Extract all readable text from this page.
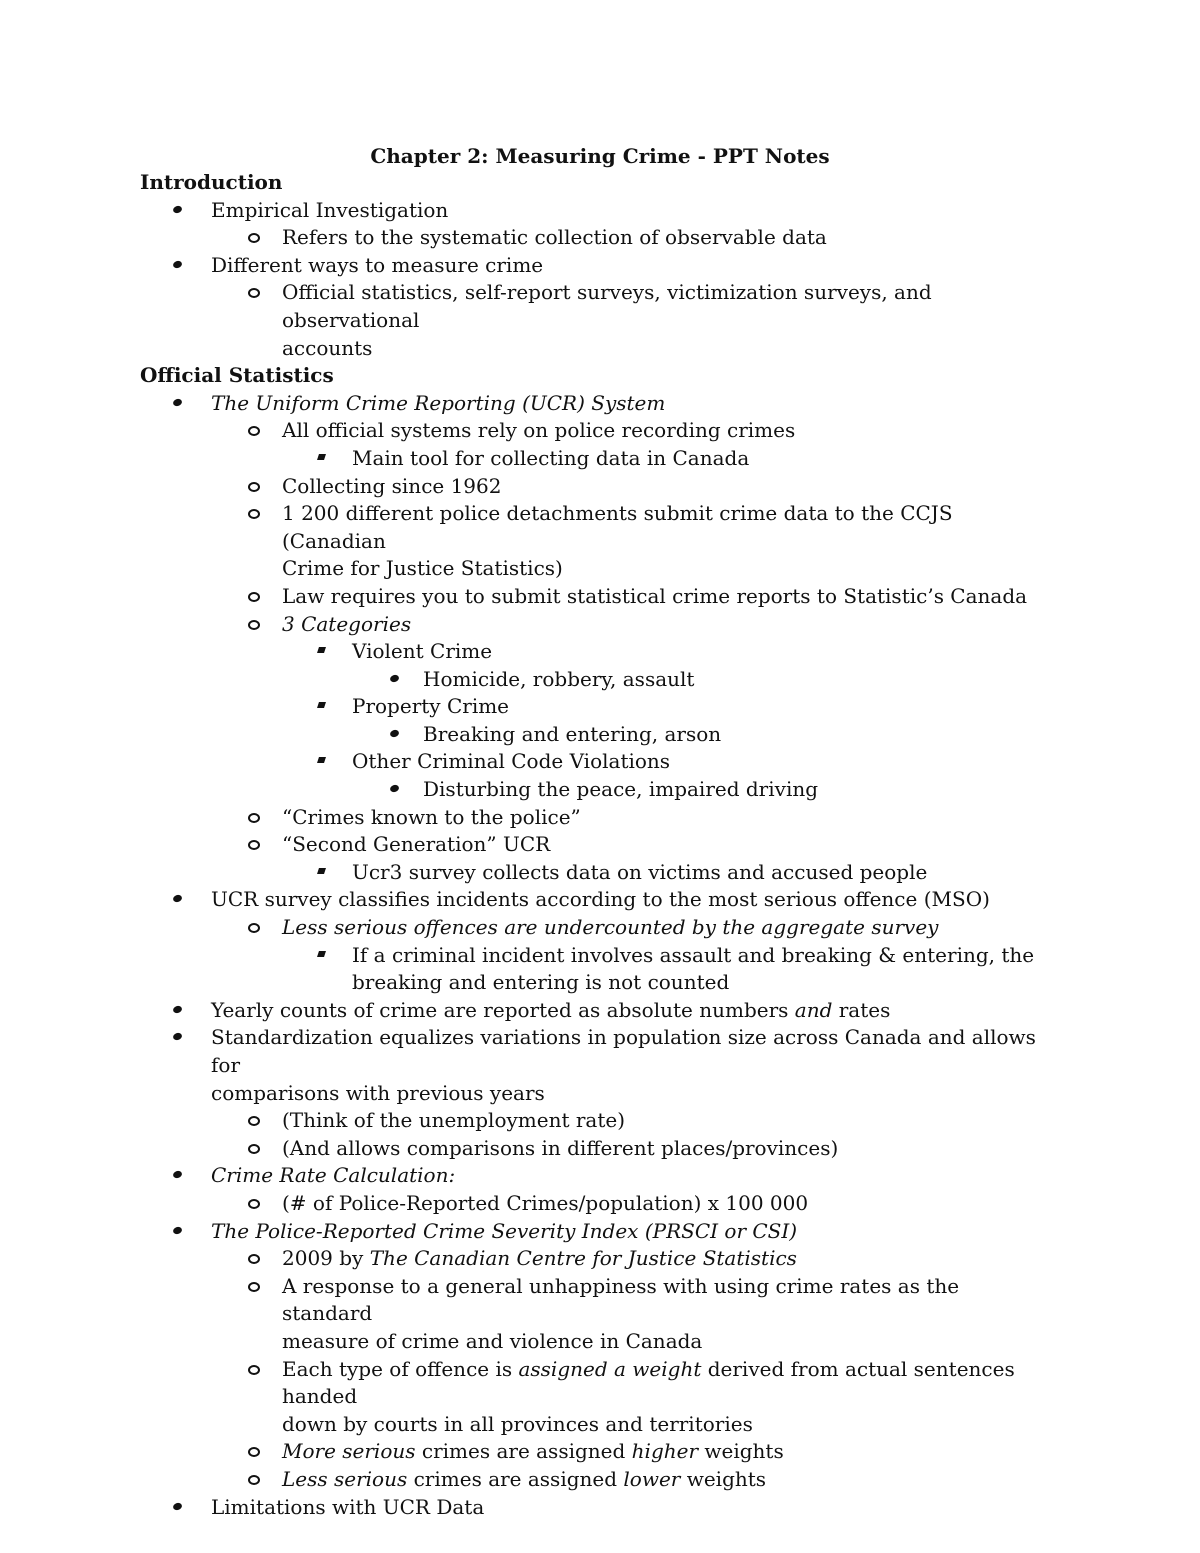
Chapter 2: Measuring Crime - PPT Notes
Introduction
Empirical Investigation
Refers to the systematic collection of observable data
Different ways to measure crime
Official statistics, self-report surveys, victimization surveys, and observational
accounts
Official Statistics
The Uniform Crime Reporting (UCR) System
All official systems rely on police recording crimes
Main tool for collecting data in Canada
Collecting since 1962
1 200 different police detachments submit crime data to the CCJS (Canadian
Crime for Justice Statistics)
Law requires you to submit statistical crime reports to Statistic’s Canada
3 Categories
Violent Crime
Homicide, robbery, assault
Property Crime
Breaking and entering, arson
Other Criminal Code Violations
Disturbing the peace, impaired driving
“Crimes known to the police”
“Second Generation” UCR
Ucr3 survey collects data on victims and accused people
UCR survey classifies incidents according to the most serious offence (MSO)
Less serious offences are undercounted by the aggregate survey
If a criminal incident involves assault and breaking & entering, the
breaking and entering is not counted
Yearly counts of crime are reported as absolute numbers and rates
Standardization equalizes variations in population size across Canada and allows for
comparisons with previous years
(Think of the unemployment rate)
(And allows comparisons in different places/provinces)
Crime Rate Calculation:
(# of Police-Reported Crimes/population) x 100 000
The Police-Reported Crime Severity Index (PRSCI or CSI)
2009 by The Canadian Centre for Justice Statistics
A response to a general unhappiness with using crime rates as the standard
measure of crime and violence in Canada
Each type of offence is assigned a weight derived from actual sentences handed
down by courts in all provinces and territories
More serious crimes are assigned higher weights
Less serious crimes are assigned lower weights
Limitations with UCR Data
